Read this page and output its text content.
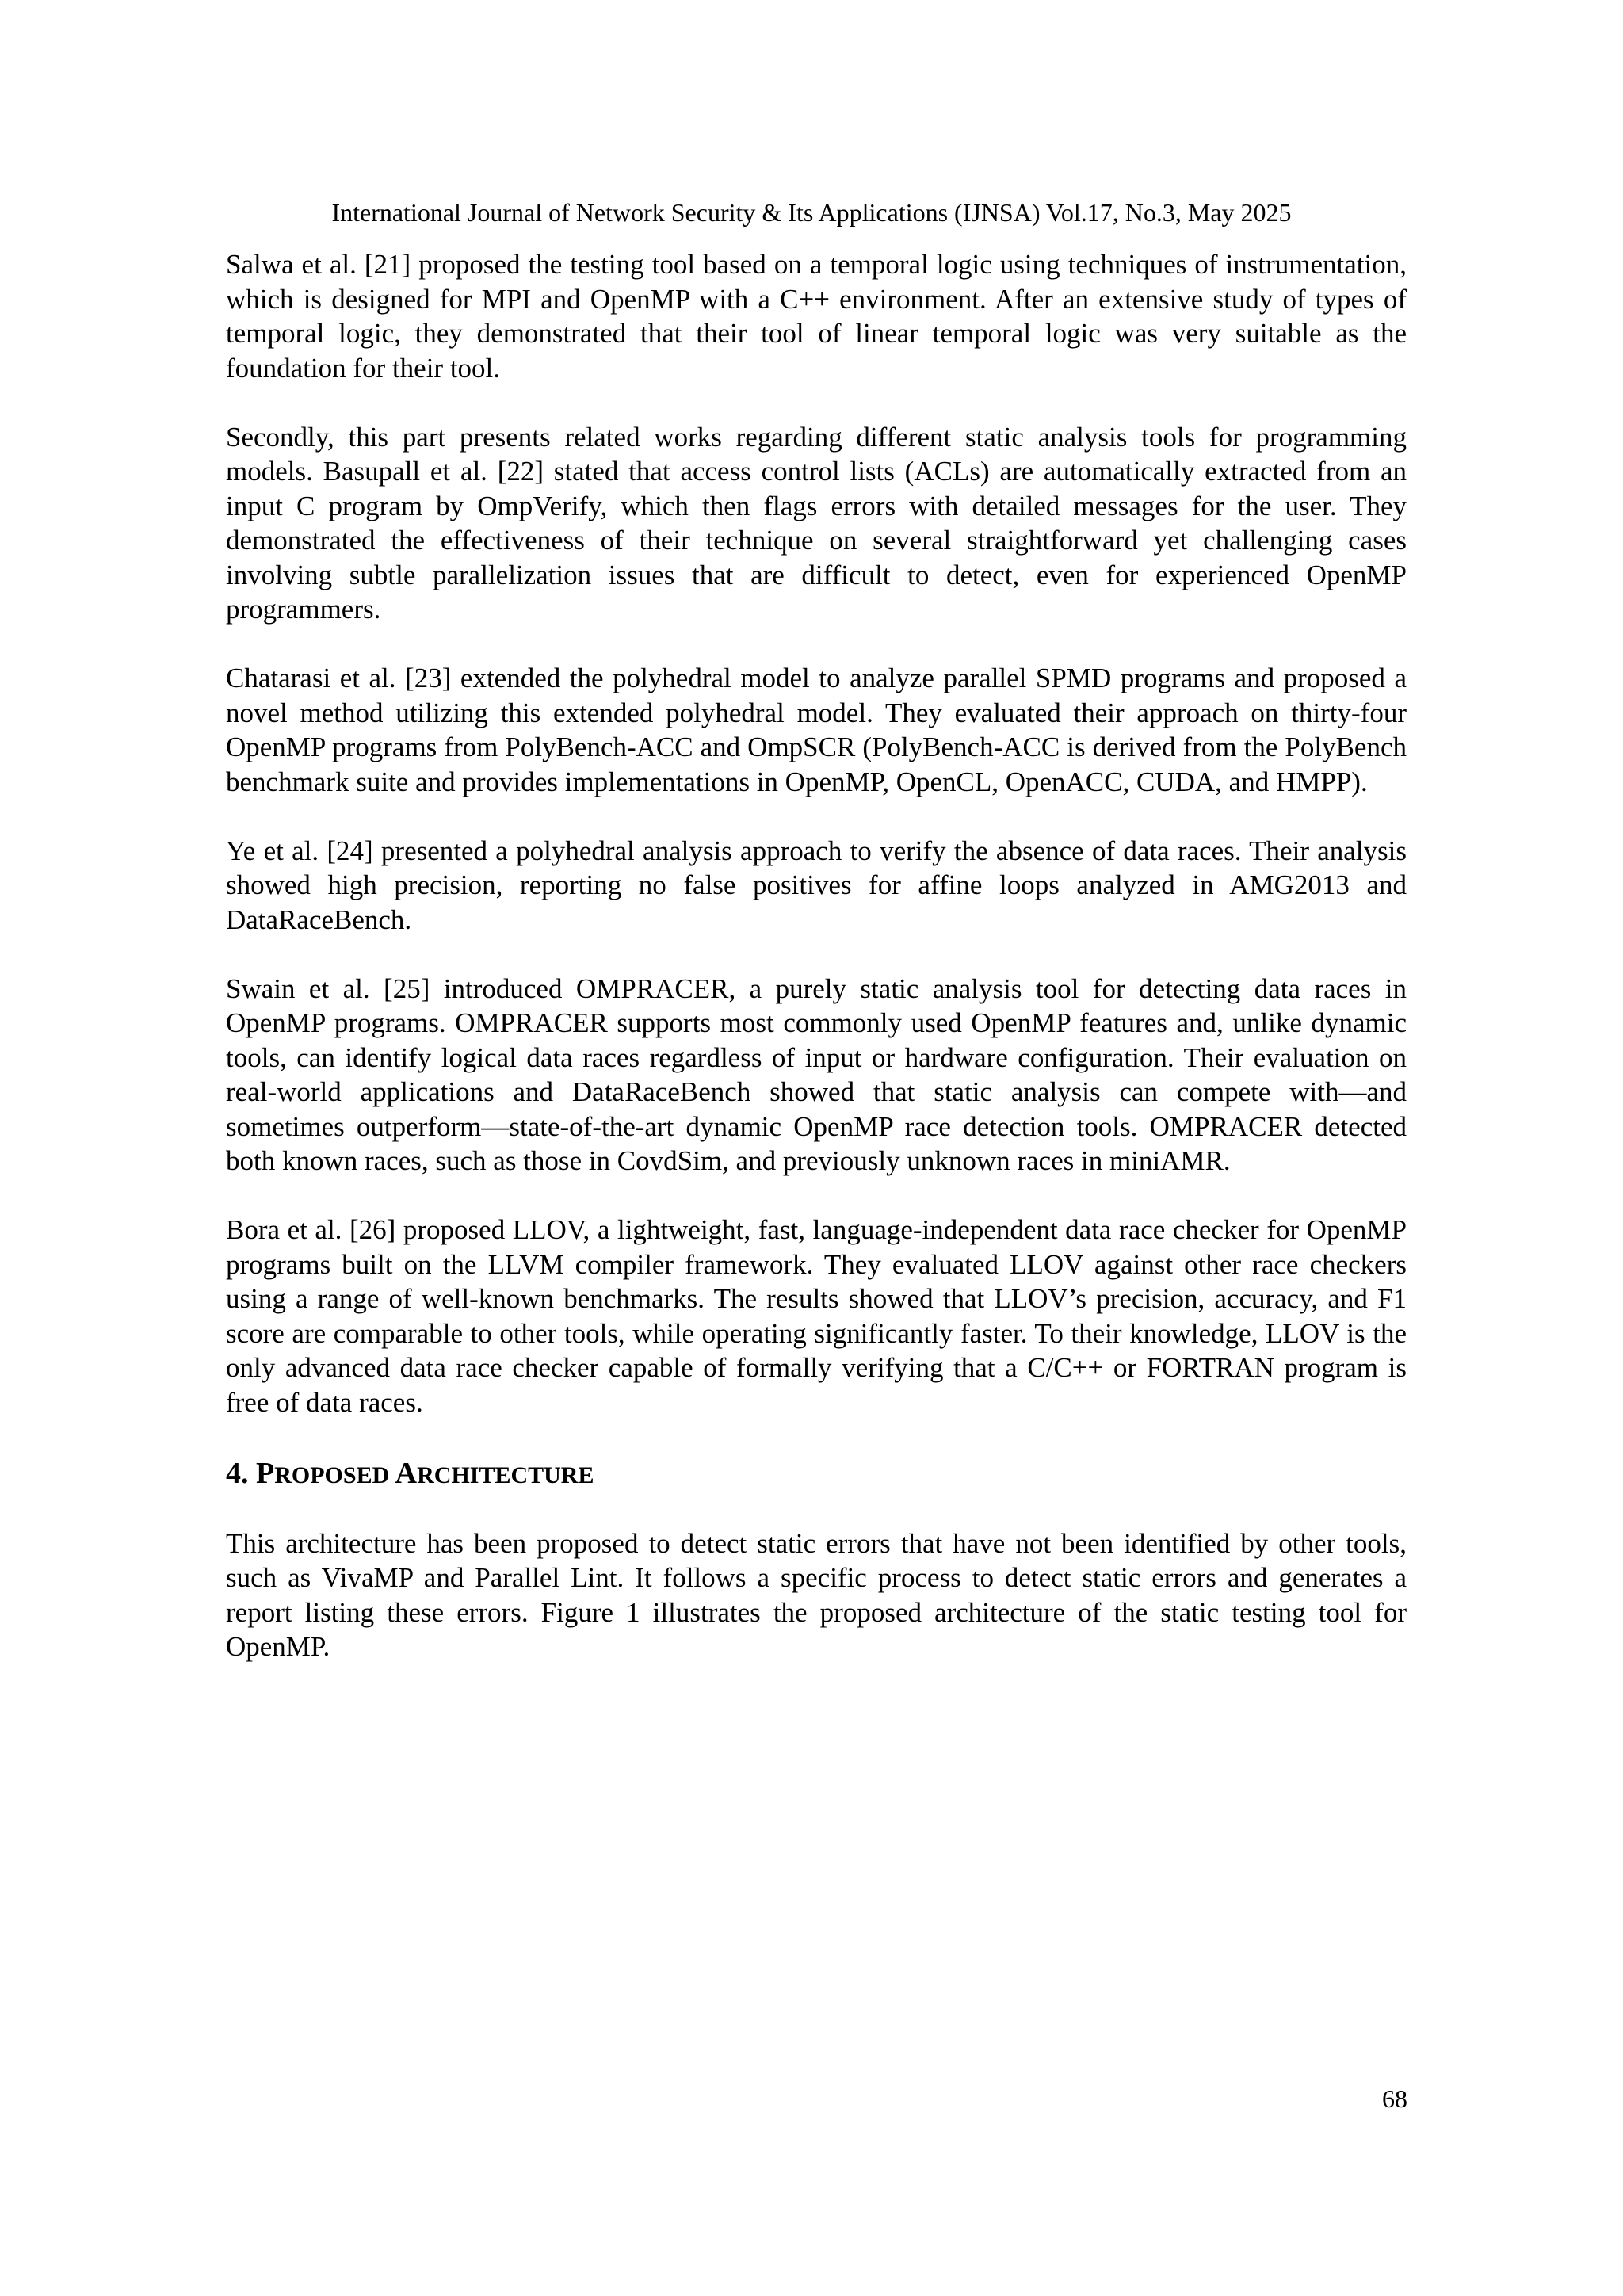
International Journal of Network Security & Its Applications (IJNSA) Vol.17, No.3, May 2025

Salwa et al. [21] proposed the testing tool based on a temporal logic using techniques of instrumentation, which is designed for MPI and OpenMP with a C++ environment. After an extensive study of types of temporal logic, they demonstrated that their tool of linear temporal logic was very suitable as the foundation for their tool.

Secondly, this part presents related works regarding different static analysis tools for programming models. Basupall et al. [22] stated that access control lists (ACLs) are automatically extracted from an input C program by OmpVerify, which then flags errors with detailed messages for the user. They demonstrated the effectiveness of their technique on several straightforward yet challenging cases involving subtle parallelization issues that are difficult to detect, even for experienced OpenMP programmers.

Chatarasi et al. [23] extended the polyhedral model to analyze parallel SPMD programs and proposed a novel method utilizing this extended polyhedral model. They evaluated their approach on thirty-four OpenMP programs from PolyBench-ACC and OmpSCR (PolyBench-ACC is derived from the PolyBench benchmark suite and provides implementations in OpenMP, OpenCL, OpenACC, CUDA, and HMPP).

Ye et al. [24] presented a polyhedral analysis approach to verify the absence of data races. Their analysis showed high precision, reporting no false positives for affine loops analyzed in AMG2013 and DataRaceBench.

Swain et al. [25] introduced OMPRACER, a purely static analysis tool for detecting data races in OpenMP programs. OMPRACER supports most commonly used OpenMP features and, unlike dynamic tools, can identify logical data races regardless of input or hardware configuration. Their evaluation on real-world applications and DataRaceBench showed that static analysis can compete with—and sometimes outperform—state-of-the-art dynamic OpenMP race detection tools. OMPRACER detected both known races, such as those in CovdSim, and previously unknown races in miniAMR.

Bora et al. [26] proposed LLOV, a lightweight, fast, language-independent data race checker for OpenMP programs built on the LLVM compiler framework. They evaluated LLOV against other race checkers using a range of well-known benchmarks. The results showed that LLOV’s precision, accuracy, and F1 score are comparable to other tools, while operating significantly faster. To their knowledge, LLOV is the only advanced data race checker capable of formally verifying that a C/C++ or FORTRAN program is free of data races.

4. PROPOSED ARCHITECTURE

This architecture has been proposed to detect static errors that have not been identified by other tools, such as VivaMP and Parallel Lint. It follows a specific process to detect static errors and generates a report listing these errors. Figure 1 illustrates the proposed architecture of the static testing tool for OpenMP.

68
